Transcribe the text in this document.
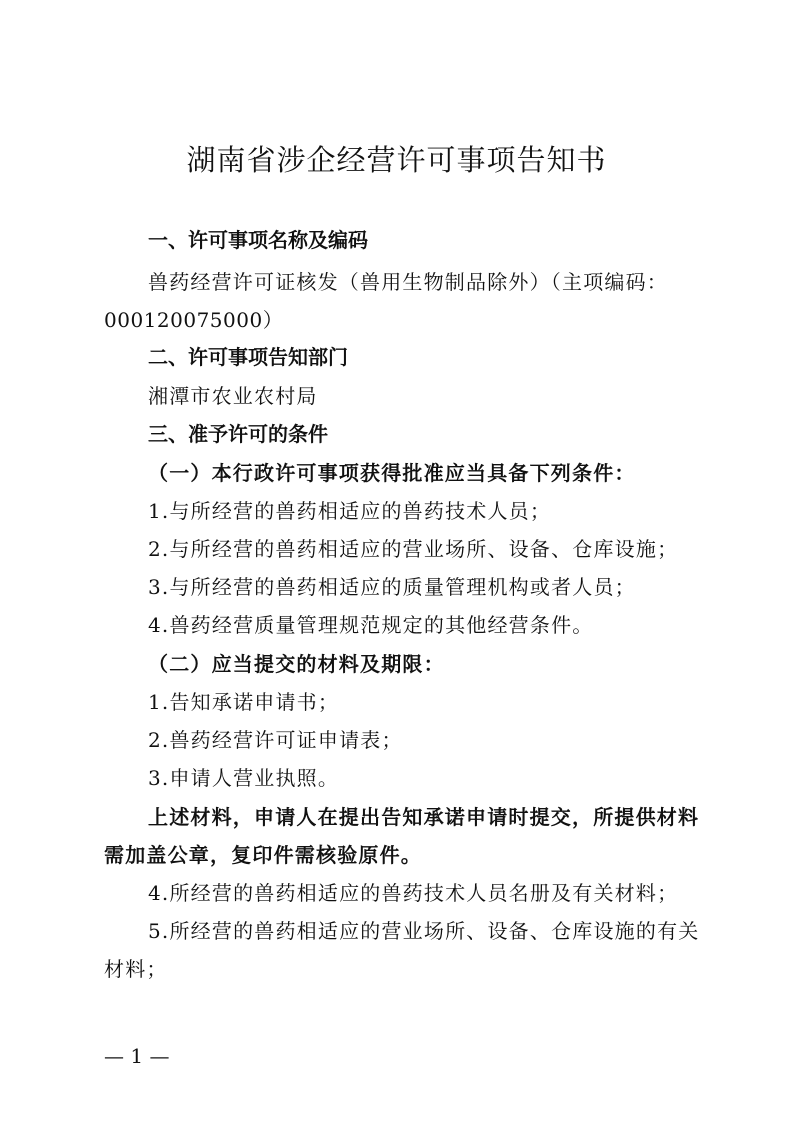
湖南省涉企经营许可事项告知书
一、许可事项名称及编码
兽药经营许可证核发（兽用生物制品除外）（主项编码：
000120075000）
二、许可事项告知部门
湘潭市农业农村局
三、准予许可的条件
（一）本行政许可事项获得批准应当具备下列条件：
1.与所经营的兽药相适应的兽药技术人员；
2.与所经营的兽药相适应的营业场所、设备、仓库设施；
3.与所经营的兽药相适应的质量管理机构或者人员；
4.兽药经营质量管理规范规定的其他经营条件。
（二）应当提交的材料及期限：
1.告知承诺申请书；
2.兽药经营许可证申请表；
3.申请人营业执照。
上述材料，申请人在提出告知承诺申请时提交，所提供材料
需加盖公章，复印件需核验原件。
4.所经营的兽药相适应的兽药技术人员名册及有关材料；
5.所经营的兽药相适应的营业场所、设备、仓库设施的有关
材料；
— 1 —
